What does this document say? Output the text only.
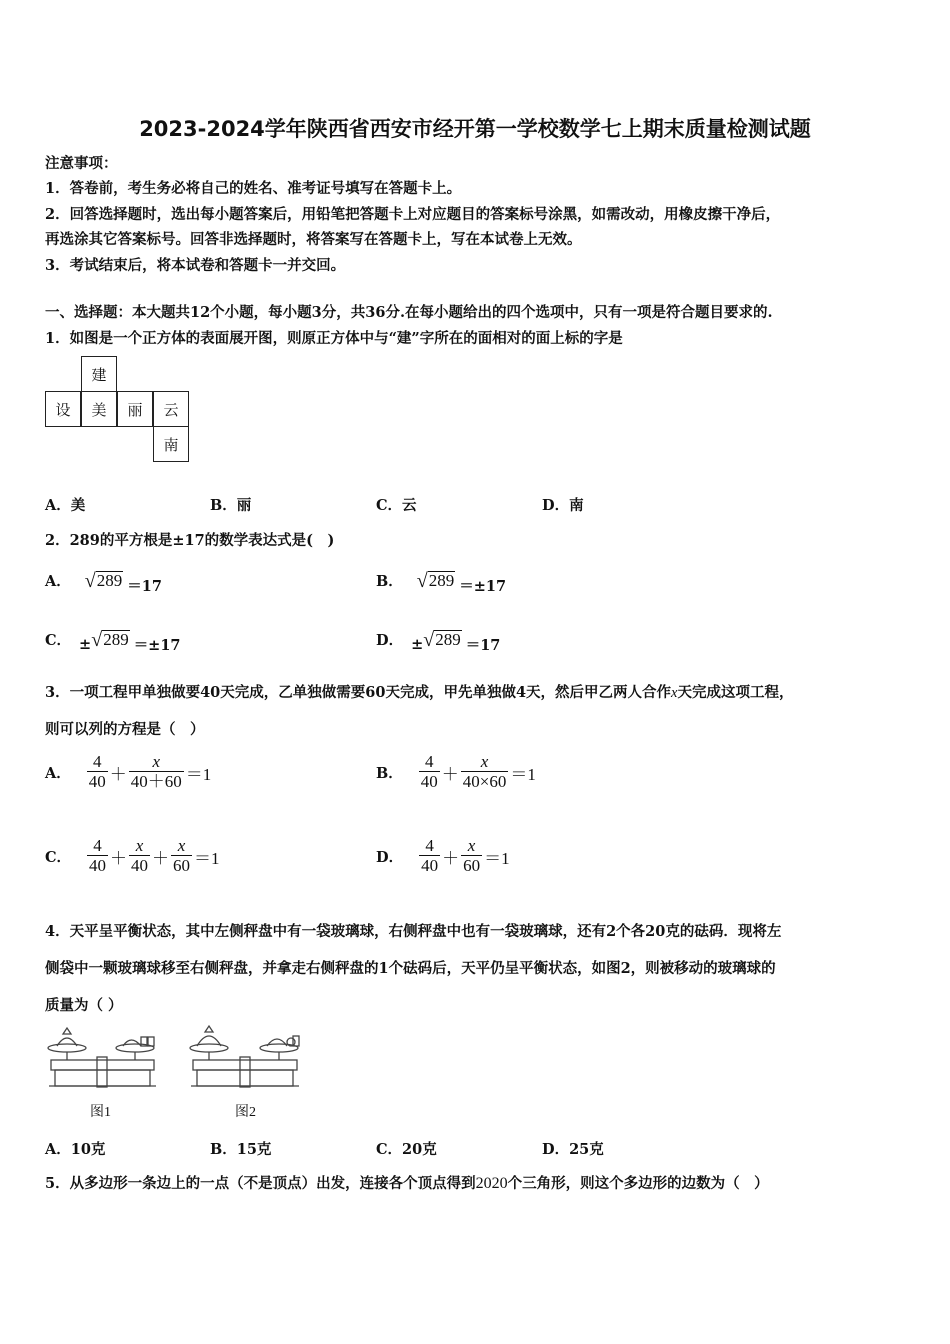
2023-2024学年陕西省西安市经开第一学校数学七上期末质量检测试题
注意事项：
1．答卷前，考生务必将自己的姓名、准考证号填写在答题卡上。
2．回答选择题时，选出每小题答案后，用铅笔把答题卡上对应题目的答案标号涂黑，如需改动，用橡皮擦干净后，
再选涂其它答案标号。回答非选择题时，将答案写在答题卡上，写在本试卷上无效。
3．考试结束后，将本试卷和答题卡一并交回。
一、选择题：本大题共12个小题，每小题3分，共36分.在每小题给出的四个选项中，只有一项是符合题目要求的.
1．如图是一个正方体的表面展开图，则原正方体中与“建”字所在的面相对的面上标的字是
建
设	美	丽	云
南
A．美	B．丽	C．云	D．南
2．289的平方根是±17的数学表达式是(　)
A． √ 289 ＝17	B． √ 289 ＝±17
C． ± √ 289 ＝±17	D． ± √ 289 ＝17
3．一项工程甲单独做要40天完成，乙单独做需要60天完成，甲先单独做4天，然后甲乙两人合作x天完成这项工程，
则可以列的方程是（　）
A． $\frac{4}{40} + \frac{x}{40+60} =1$	B． $\frac{4}{40} + \frac{x}{40\times 60} =1$
C． $\frac{4}{40} + \frac{x}{40} + \frac{x}{60} =1$	D． $\frac{4}{40} + \frac{x}{60} =1$
4．天平呈平衡状态，其中左侧秤盘中有一袋玻璃球，右侧秤盘中也有一袋玻璃球，还有2个各20克的砝码．现将左
侧袋中一颗玻璃球移至右侧秤盘，并拿走右侧秤盘的1个砝码后，天平仍呈平衡状态，如图2，则被移动的玻璃球的
质量为（ ）
图1	图2
A．10克	B．15克	C．20克	D．25克
5．从多边形一条边上的一点（不是顶点）出发，连接各个顶点得到2020个三角形，则这个多边形的边数为（　）
